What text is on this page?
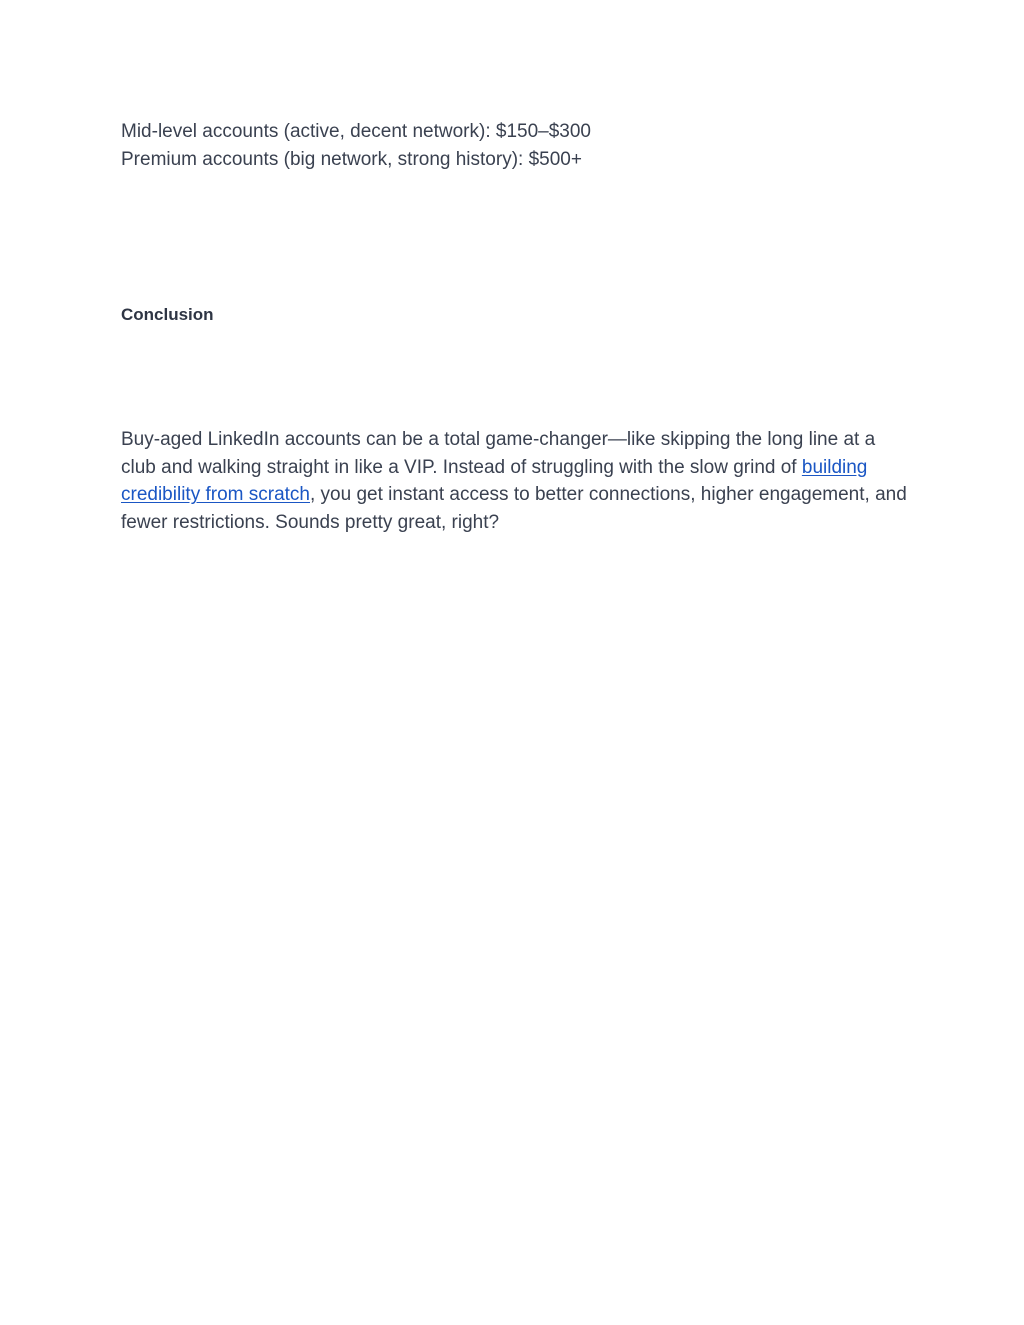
Mid-level accounts (active, decent network): $150–$300
Premium accounts (big network, strong history): $500+
Conclusion

Buy-aged LinkedIn accounts can be a total game-changer—like skipping the long line at a club and walking straight in like a VIP. Instead of struggling with the slow grind of building credibility from scratch, you get instant access to better connections, higher engagement, and fewer restrictions. Sounds pretty great, right?
